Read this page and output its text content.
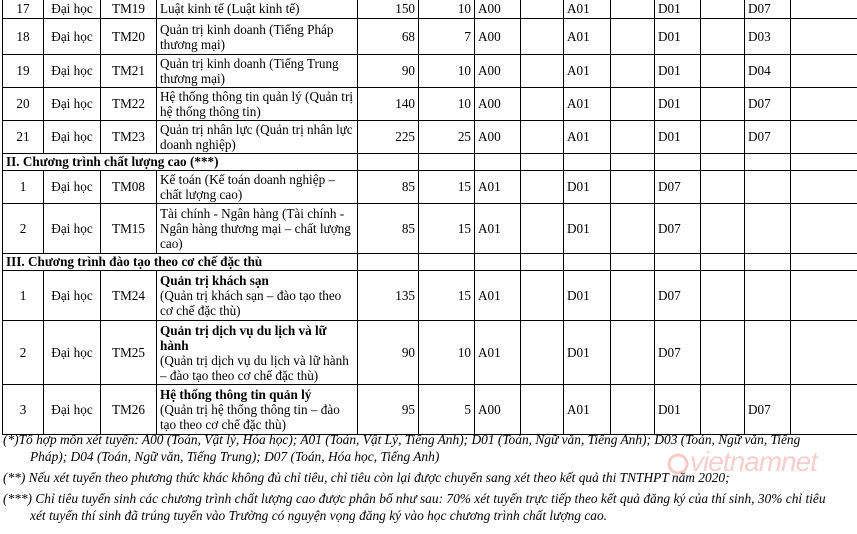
17	Đại học	TM19	Luật kinh tế (Luật kinh tế)	150	10	A00		A01		D01		D07	
18	Đại học	TM20	Quản trị kinh doanh (Tiếng Pháp thương mại)	68	7	A00		A01		D01		D03	
19	Đại học	TM21	Quản trị kinh doanh (Tiếng Trung thương mại)	90	10	A00		A01		D01		D04	
20	Đại học	TM22	Hệ thống thông tin quản lý (Quản trị hệ thống thông tin)	140	10	A00		A01		D01		D07	
21	Đại học	TM23	Quản trị nhân lực (Quản trị nhân lực doanh nghiệp)	225	25	A00		A01		D01		D07	
II. Chương trình chất lượng cao (***)													
1	Đại học	TM08	Kế toán (Kế toán doanh nghiệp – chất lượng cao)	85	15	A01		D01		D07			
2	Đại học	TM15	Tài chính - Ngân hàng (Tài chính - Ngân hàng thương mại – chất lượng cao)	85	15	A01		D01		D07			
III. Chương trình đào tạo theo cơ chế đặc thù													
1	Đại học	TM24	Quản trị khách sạn
(Quản trị khách sạn – đào tạo theo cơ chế đặc thù)	135	15	A01		D01		D07			
2	Đại học	TM25	Quản trị dịch vụ du lịch và lữ hành
(Quản trị dịch vụ du lịch và lữ hành – đào tạo theo cơ chế đặc thù)	90	10	A01		D01		D07			
3	Đại học	TM26	Hệ thống thông tin quản lý
(Quản trị hệ thống thông tin – đào tạo theo cơ chế đặc thù)	95	5	A00		A01		D01		D07	

(*)Tổ hợp môn xét tuyển: A00 (Toán, Vật lý, Hóa học); A01 (Toán, Vật Lý, Tiếng Anh); D01 (Toán, Ngữ văn, Tiếng Anh); D03 (Toán, Ngữ văn, Tiếng Pháp); D04 (Toán, Ngữ văn, Tiếng Trung); D07 (Toán, Hóa học, Tiếng Anh)

(**) Nếu xét tuyển theo phương thức khác không đủ chỉ tiêu, chỉ tiêu còn lại được chuyển sang xét theo kết quả thi TNTHPT năm 2020;

(***) Chỉ tiêu tuyển sinh các chương trình chất lượng cao được phân bổ như sau: 70% xét tuyển trực tiếp theo kết quả đăng ký của thí sinh, 30% chỉ tiêu xét tuyển thí sinh đã trúng tuyển vào Trường có nguyện vọng đăng ký vào học chương trình chất lượng cao.

vietnamnet
